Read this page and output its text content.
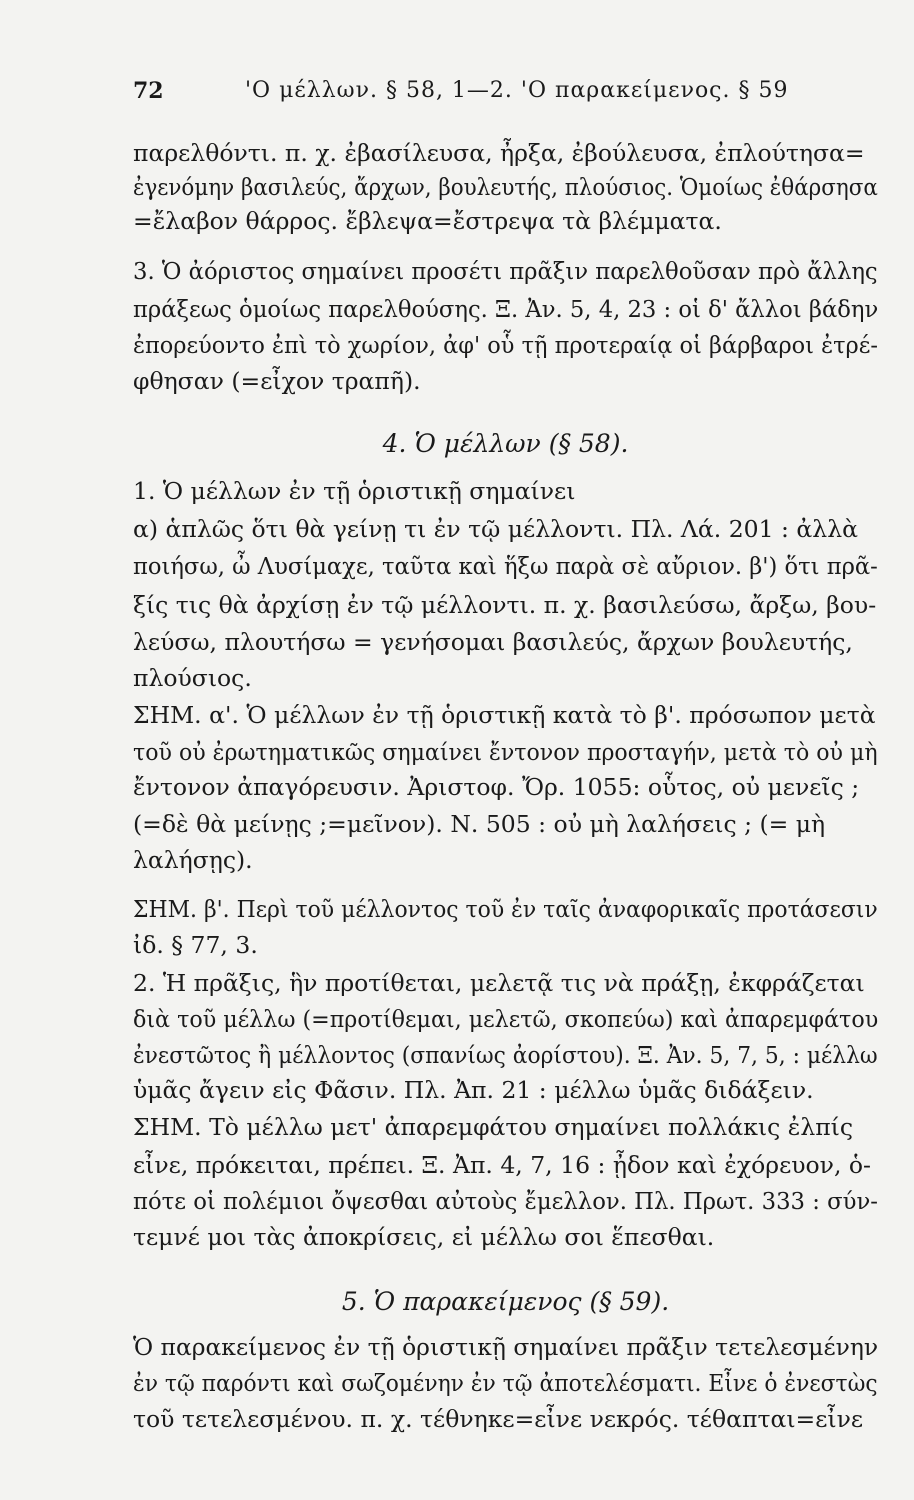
72	'Ο μέλλων. § 58, 1—2. 'Ο παρακείμενος. § 59
παρελθόντι. π. χ. ἐβασίλευσα, ἦρξα, ἐβούλευσα, ἐπλούτησα=
ἐγενόμην βασιλεύς, ἄρχων, βουλευτής, πλούσιος. Ὁμοίως ἐθάρσησα
=ἔλαβον θάρρος. ἔβλεψα=ἔστρεψα τὰ βλέμματα.
3. Ὁ ἀόριστος σημαίνει προσέτι πρᾶξιν παρελθοῦσαν πρὸ ἄλλης
πράξεως ὁμοίως παρελθούσης. Ξ. Ἀν. 5, 4, 23 : οἱ δ' ἄλλοι βάδην
ἐπορεύοντο ἐπὶ τὸ χωρίον, ἀφ' οὗ τῇ προτεραίᾳ οἱ βάρβαροι ἐτρέ-
φθησαν (=εἶχον τραπῆ).
4. Ὁ μέλλων (§ 58).
1. Ὁ μέλλων ἐν τῇ ὁριστικῇ σημαίνει
α) ἁπλῶς ὅτι θὰ γείνῃ τι ἐν τῷ μέλλοντι. Πλ. Λά. 201 : ἀλλὰ
ποιήσω, ὦ Λυσίμαχε, ταῦτα καὶ ἥξω παρὰ σὲ αὔριον. β') ὅτι πρᾶ-
ξίς τις θὰ ἀρχίσῃ ἐν τῷ μέλλοντι. π. χ. βασιλεύσω, ἄρξω, βου-
λεύσω, πλουτήσω = γενήσομαι βασιλεύς, ἄρχων βουλευτής,
πλούσιος.
ΣΗΜ. α'. Ὁ μέλλων ἐν τῇ ὁριστικῇ κατὰ τὸ β'. πρόσωπον μετὰ
τοῦ οὐ ἐρωτηματικῶς σημαίνει ἔντονον προσταγήν, μετὰ τὸ οὐ μὴ
ἔντονον ἀπαγόρευσιν. Ἀριστοφ. Ὄρ. 1055: οὗτος, οὐ μενεῖς ;
(=δὲ θὰ μείνῃς ;=μεῖνον). Ν. 505 : οὐ μὴ λαλήσεις ; (= μὴ
λαλήσῃς).
ΣΗΜ. β'. Περὶ τοῦ μέλλοντος τοῦ ἐν ταῖς ἀναφορικαῖς προτάσεσιν
ἰδ. § 77, 3.
2. Ἡ πρᾶξις, ἣν προτίθεται, μελετᾷ τις νὰ πράξῃ, ἐκφράζεται
διὰ τοῦ μέλλω (=προτίθεμαι, μελετῶ, σκοπεύω) καὶ ἀπαρεμφάτου
ἐνεστῶτος ἢ μέλλοντος (σπανίως ἀορίστου). Ξ. Ἀν. 5, 7, 5, : μέλλω
ὑμᾶς ἄγειν εἰς Φᾶσιν. Πλ. Ἀπ. 21 : μέλλω ὑμᾶς διδάξειν.
ΣΗΜ. Τὸ μέλλω μετ' ἀπαρεμφάτου σημαίνει πολλάκις ἐλπίς
εἶνε, πρόκειται, πρέπει. Ξ. Ἀπ. 4, 7, 16 : ᾖδον καὶ ἐχόρευον, ὁ-
πότε οἱ πολέμιοι ὄψεσθαι αὐτοὺς ἔμελλον. Πλ. Πρωτ. 333 : σύν-
τεμνέ μοι τὰς ἀποκρίσεις, εἰ μέλλω σοι ἕπεσθαι.
5. Ὁ παρακείμενος (§ 59).
Ὁ παρακείμενος ἐν τῇ ὁριστικῇ σημαίνει πρᾶξιν τετελεσμένην
ἐν τῷ παρόντι καὶ σωζομένην ἐν τῷ ἀποτελέσματι. Εἶνε ὁ ἐνεστὼς
τοῦ τετελεσμένου. π. χ. τέθνηκε=εἶνε νεκρός. τέθαπται=εἶνε
